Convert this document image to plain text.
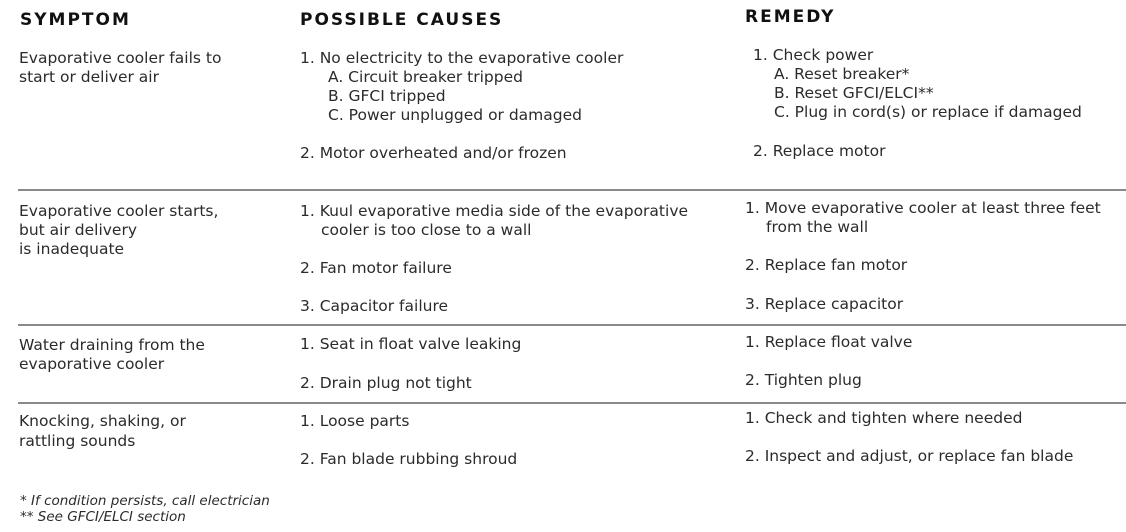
SYMPTOM	POSSIBLE CAUSES	REMEDY
Evaporative cooler fails to
start or deliver air
1. No electricity to the evaporative cooler
A. Circuit breaker tripped
B. GFCI tripped
C. Power unplugged or damaged
2. Motor overheated and/or frozen
1. Check power
A. Reset breaker*
B. Reset GFCI/ELCI**
C. Plug in cord(s) or replace if damaged
2. Replace motor
Evaporative cooler starts,
but air delivery
is inadequate
1. Kuul evaporative media side of the evaporative
cooler is too close to a wall
2. Fan motor failure
3. Capacitor failure
1. Move evaporative cooler at least three feet
from the wall
2. Replace fan motor
3. Replace capacitor
Water draining from the
evaporative cooler
1. Seat in float valve leaking
2. Drain plug not tight
1. Replace float valve
2. Tighten plug
Knocking, shaking, or
rattling sounds
1. Loose parts
2. Fan blade rubbing shroud
1. Check and tighten where needed
2. Inspect and adjust, or replace fan blade
* If condition persists, call electrician
** See GFCI/ELCI section
